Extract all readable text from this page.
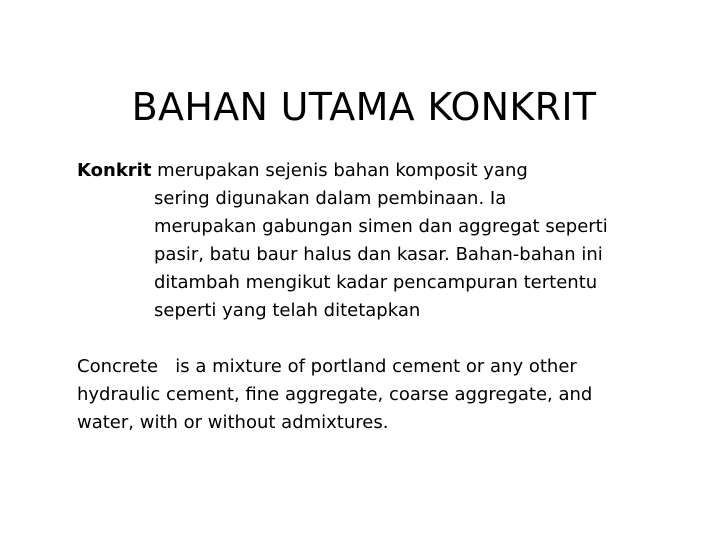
BAHAN UTAMA KONKRIT
Konkrit merupakan sejenis bahan komposit yang
sering digunakan dalam pembinaan. Ia
merupakan gabungan simen dan aggregat seperti
pasir, batu baur halus dan kasar. Bahan-bahan ini
ditambah mengikut kadar pencampuran tertentu
seperti yang telah ditetapkan
Concrete   is a mixture of portland cement or any other
hydraulic cement, fine aggregate, coarse aggregate, and
water, with or without admixtures.
